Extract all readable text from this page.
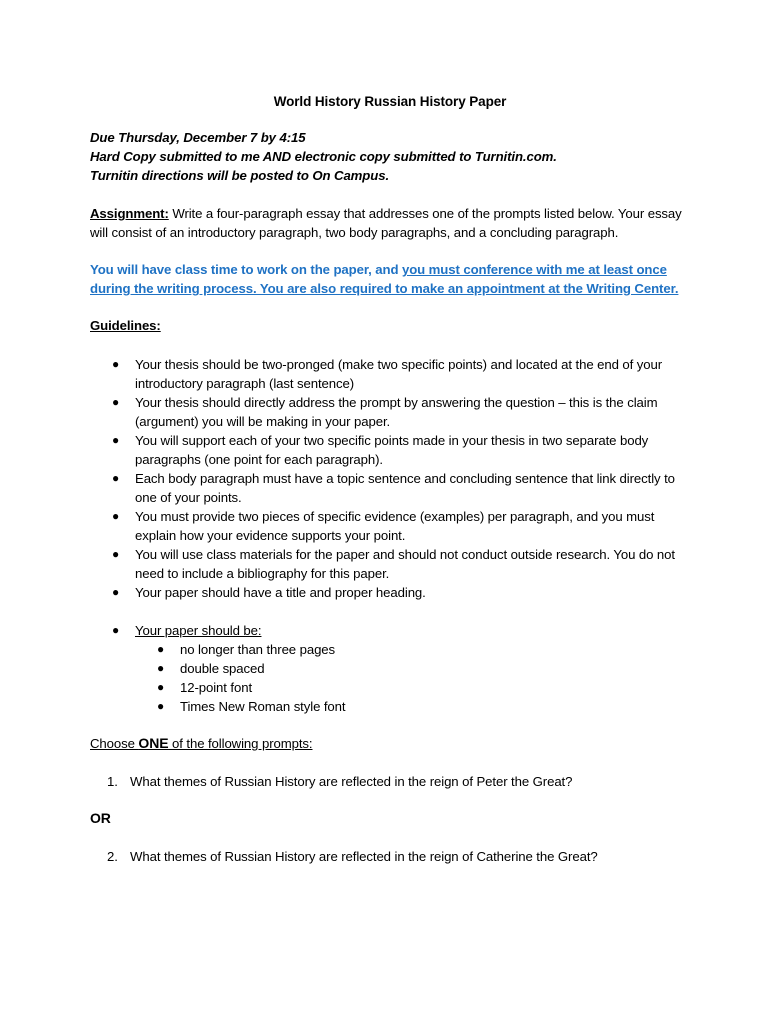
World History Russian History Paper

Due Thursday, December 7 by 4:15

Hard Copy submitted to me AND electronic copy submitted to Turnitin.com.

Turnitin directions will be posted to On Campus.

Assignment: Write a four-paragraph essay that addresses one of the prompts listed below. Your essay will consist of an introductory paragraph, two body paragraphs, and a concluding paragraph.

You will have class time to work on the paper, and you must conference with me at least once during the writing process. You are also required to make an appointment at the Writing Center.

Guidelines:

● Your thesis should be two-pronged (make two specific points) and located at the end of your introductory paragraph (last sentence)
● Your thesis should directly address the prompt by answering the question – this is the claim (argument) you will be making in your paper.
● You will support each of your two specific points made in your thesis in two separate body paragraphs (one point for each paragraph).
● Each body paragraph must have a topic sentence and concluding sentence that link directly to one of your points.
● You must provide two pieces of specific evidence (examples) per paragraph, and you must explain how your evidence supports your point.
● You will use class materials for the paper and should not conduct outside research. You do not need to include a bibliography for this paper.
● Your paper should have a title and proper heading.
● Your paper should be:
● no longer than three pages
● double spaced
● 12-point font
● Times New Roman style font

Choose ONE of the following prompts:

1. What themes of Russian History are reflected in the reign of Peter the Great?

OR

2. What themes of Russian History are reflected in the reign of Catherine the Great?
